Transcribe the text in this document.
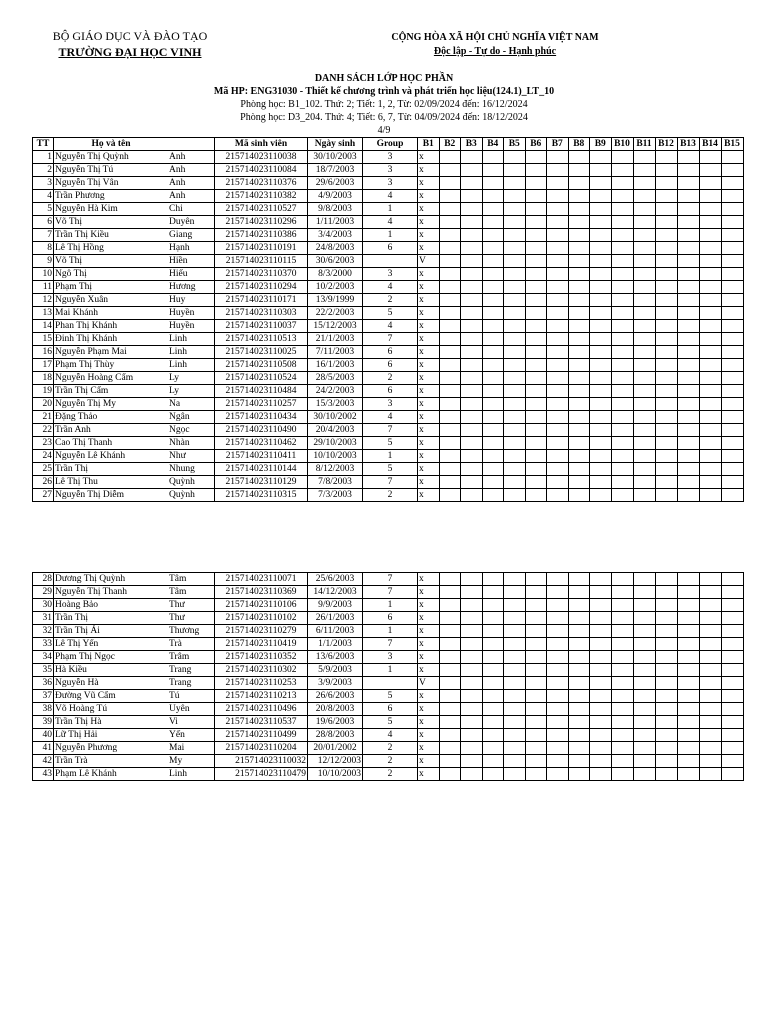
BỘ GIÁO DỤC VÀ ĐÀO TẠO
TRƯỜNG ĐẠI HỌC VINH
CỘNG HÒA XÃ HỘI CHỦ NGHĨA VIỆT NAM
Độc lập - Tự do - Hạnh phúc
DANH SÁCH LỚP HỌC PHẦN
Mã HP: ENG31030 - Thiết kế chương trình và phát triển học liệu(124.1)_LT_10
Phòng học: B1_102. Thứ: 2; Tiết: 1, 2, Từ: 02/09/2024 đến: 16/12/2024
Phòng học: D3_204. Thứ: 4; Tiết: 6, 7, Từ: 04/09/2024 đến: 18/12/2024
4/9
TT	Họ và tên		Mã sinh viên	Ngày sinh	Group	B1	B2	B3	B4	B5	B6	B7	B8	B9	B10	B11	B12	B13	B14	B15
1	Nguyễn Thị Quỳnh	Anh	215714023110038	30/10/2003	3	x														
2	Nguyễn Thị Tú	Anh	215714023110084	18/7/2003	3	x														
3	Nguyễn Thị Vân	Anh	215714023110376	29/6/2003	3	x														
4	Trần Phương	Anh	215714023110382	4/9/2003	4	x														
5	Nguyễn Hà Kim	Chi	215714023110527	9/8/2003	1	x														
6	Võ Thị	Duyên	215714023110296	1/11/2003	4	x														
7	Trần Thị Kiều	Giang	215714023110386	3/4/2003	1	x														
8	Lê Thị Hồng	Hạnh	215714023110191	24/8/2003	6	x														
9	Võ Thị	Hiền	215714023110115	30/6/2003		V														
10	Ngô Thị	Hiếu	215714023110370	8/3/2000	3	x														
11	Phạm Thị	Hương	215714023110294	10/2/2003	4	x														
12	Nguyễn Xuân	Huy	215714023110171	13/9/1999	2	x														
13	Mai Khánh	Huyền	215714023110303	22/2/2003	5	x														
14	Phan Thị Khánh	Huyền	215714023110037	15/12/2003	4	x														
15	Đinh Thị Khánh	Linh	215714023110513	21/1/2003	7	x														
16	Nguyễn Phạm Mai	Linh	215714023110025	7/11/2003	6	x														
17	Phạm Thị Thùy	Linh	215714023110508	16/1/2003	6	x														
18	Nguyễn Hoàng Cẩm	Ly	215714023110524	28/5/2003	2	x														
19	Trần Thị Cẩm	Ly	215714023110484	24/2/2003	6	x														
20	Nguyễn Thị My	Na	215714023110257	15/3/2003	3	x														
21	Đặng Thảo	Ngân	215714023110434	30/10/2002	4	x														
22	Trần Anh	Ngọc	215714023110490	20/4/2003	7	x														
23	Cao Thị Thanh	Nhàn	215714023110462	29/10/2003	5	x														
24	Nguyễn Lê Khánh	Như	215714023110411	10/10/2003	1	x														
25	Trần Thị	Nhung	215714023110144	8/12/2003	5	x														
26	Lê Thị Thu	Quỳnh	215714023110129	7/8/2003	7	x														
27	Nguyễn Thị Diễm	Quỳnh	215714023110315	7/3/2003	2	x														
28	Dương Thị Quỳnh	Tâm	215714023110071	25/6/2003	7	x														
29	Nguyễn Thị Thanh	Tâm	215714023110369	14/12/2003	7	x														
30	Hoàng Bảo	Thư	215714023110106	9/9/2003	1	x														
31	Trần Thị	Thư	215714023110102	26/1/2003	6	x														
32	Trần Thị Ái	Thương	215714023110279	6/11/2003	1	x														
33	Lê Thị Yến	Trà	215714023110419	1/1/2003	7	x														
34	Phạm Thị Ngọc	Trâm	215714023110352	13/6/2003	3	x														
35	Hà Kiều	Trang	215714023110302	5/9/2003	1	x														
36	Nguyễn Hà	Trang	215714023110253	3/9/2003		V														
37	Đường Vũ Cẩm	Tú	215714023110213	26/6/2003	5	x														
38	Võ Hoàng Tú	Uyên	215714023110496	20/8/2003	6	x														
39	Trần Thị Hà	Vi	215714023110537	19/6/2003	5	x														
40	Lữ Thị Hải	Yến	215714023110499	28/8/2003	4	x														
41	Nguyễn Phương	Mai	215714023110204	20/01/2002	2	x														
42	Trần Trà	My	215714023110032	12/12/2003	2	x														
43	Phạm Lê Khánh	Linh	215714023110479	10/10/2003	2	x														
